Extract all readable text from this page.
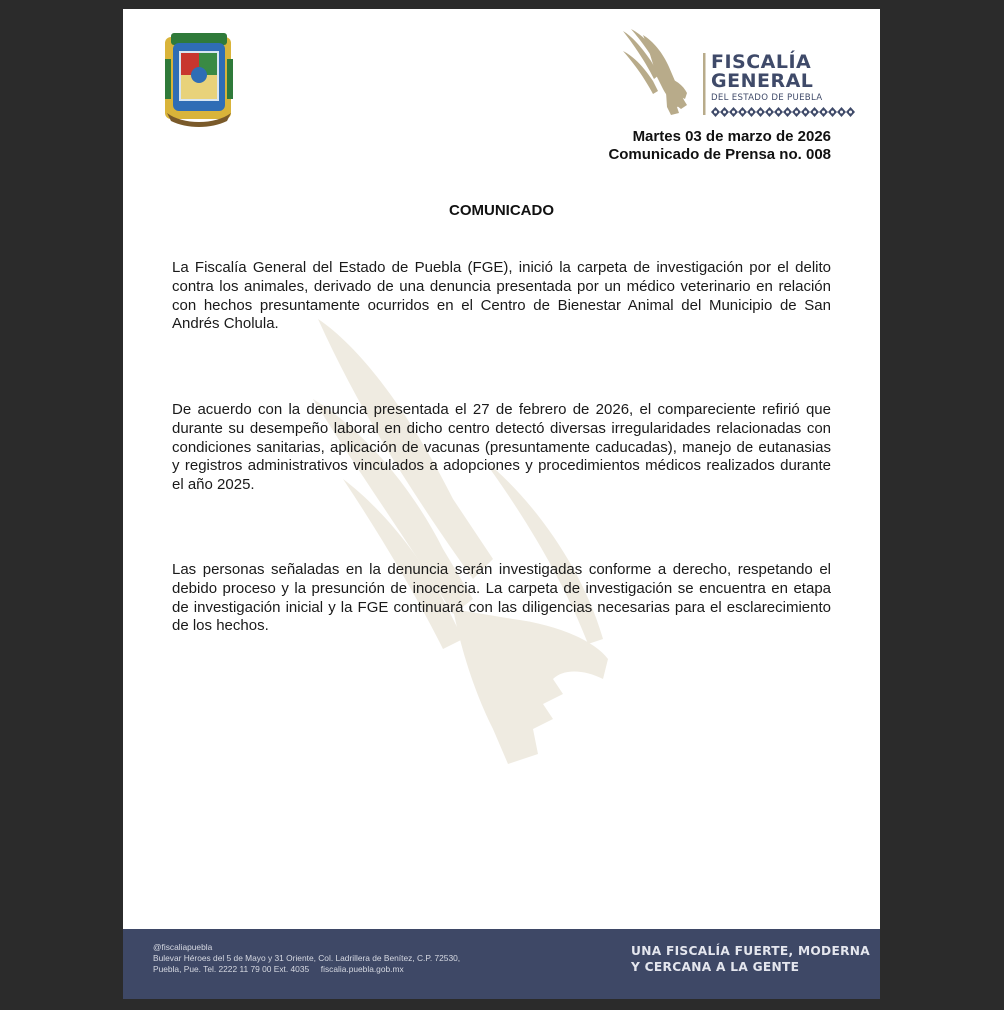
FISCALÍA
GENERAL
DEL ESTADO DE PUEBLA
Martes 03 de marzo de 2026
Comunicado de Prensa no. 008
COMUNICADO

La Fiscalía General del Estado de Puebla (FGE), inició la carpeta de investigación por el delito contra los animales, derivado de una denuncia presentada por un médico veterinario en relación con hechos presuntamente ocurridos en el Centro de Bienestar Animal del Municipio de San Andrés Cholula.

De acuerdo con la denuncia presentada el 27 de febrero de 2026, el compareciente refirió que durante su desempeño laboral en dicho centro detectó diversas irregularidades relacionadas con condiciones sanitarias, aplicación de vacunas (presuntamente caducadas), manejo de eutanasias y registros administrativos vinculados a adopciones y procedimientos médicos realizados durante el año 2025.

Las personas señaladas en la denuncia serán investigadas conforme a derecho, respetando el debido proceso y la presunción de inocencia. La carpeta de investigación se encuentra en etapa de investigación inicial y la FGE continuará con las diligencias necesarias para el esclarecimiento de los hechos.

@fiscaliapuebla
Bulevar Héroes del 5 de Mayo y 31 Oriente, Col. Ladrillera de Benítez, C.P. 72530,
Puebla, Pue. Tel. 2222 11 79 00 Ext. 4035     fiscalia.puebla.gob.mx
UNA FISCALÍA FUERTE, MODERNA
Y CERCANA A LA GENTE
